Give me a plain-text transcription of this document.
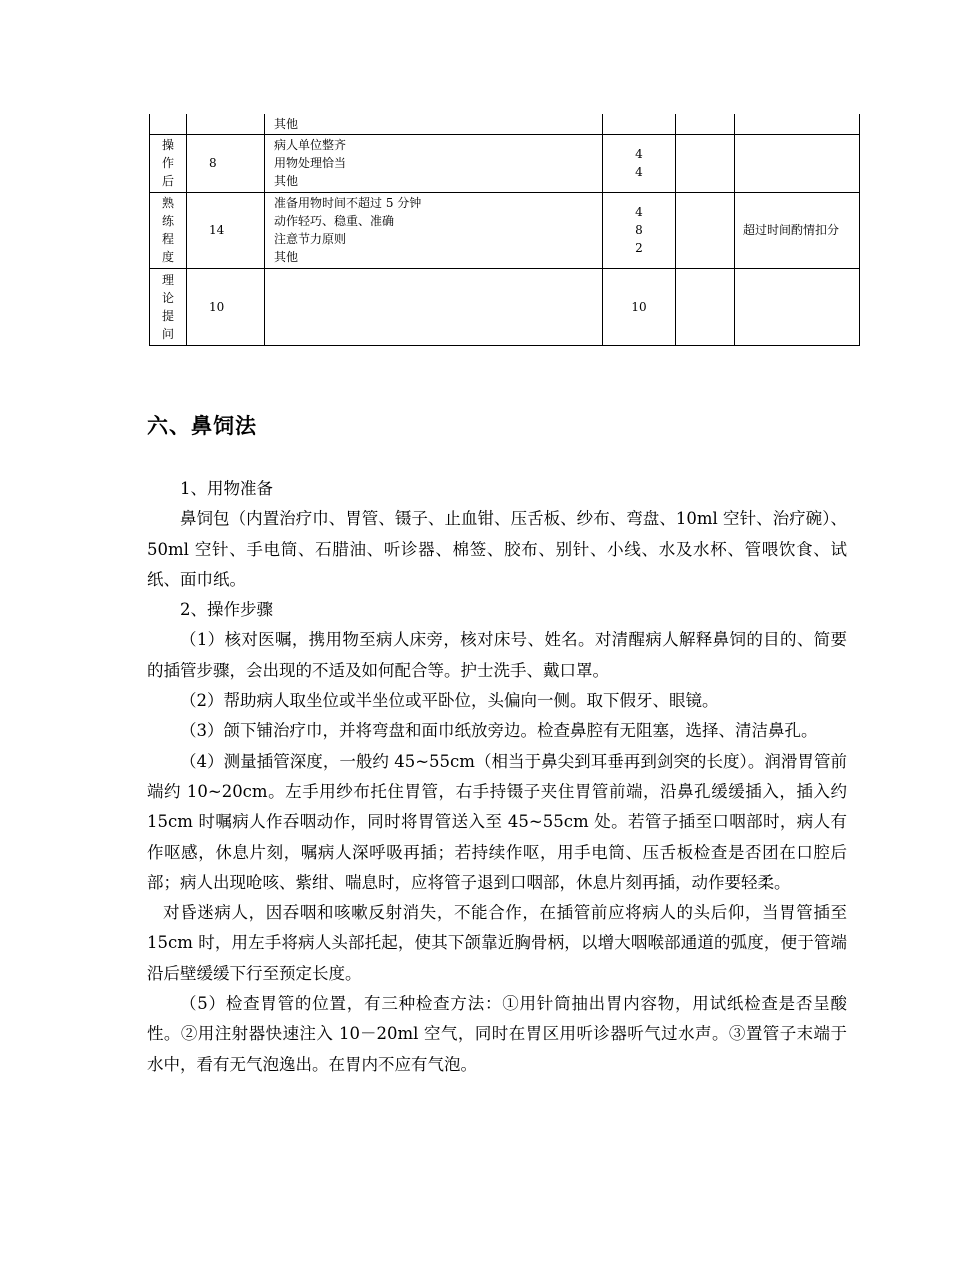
		其他			

操
作
后	8	病人单位整齐
用物处理恰当
其他	4
4		

熟
练
程
度	14	准备用物时间不超过 5 分钟
动作轻巧、稳重、准确
注意节力原则
其他	4
8
2		超过时间酌情扣分

理
论
提
问	10		10		

六、鼻饲法

1、用物准备

鼻饲包（内置治疗巾、胃管、镊子、止血钳、压舌板、纱布、弯盘、10ml 空针、治疗碗）、50ml 空针、手电筒、石腊油、听诊器、棉签、胶布、别针、小线、水及水杯、管喂饮食、试纸、面巾纸。

2、操作步骤

（1）核对医嘱，携用物至病人床旁，核对床号、姓名。对清醒病人解释鼻饲的目的、简要的插管步骤，会出现的不适及如何配合等。护士洗手、戴口罩。

（2）帮助病人取坐位或半坐位或平卧位，头偏向一侧。取下假牙、眼镜。

（3）颌下铺治疗巾，并将弯盘和面巾纸放旁边。检查鼻腔有无阻塞，选择、清洁鼻孔。

（4）测量插管深度，一般约 45~55cm（相当于鼻尖到耳垂再到剑突的长度）。润滑胃管前端约 10~20cm。左手用纱布托住胃管，右手持镊子夹住胃管前端，沿鼻孔缓缓插入，插入约 15cm 时嘱病人作吞咽动作，同时将胃管送入至 45~55cm 处。若管子插至口咽部时，病人有作呕感，休息片刻，嘱病人深呼吸再插；若持续作呕，用手电筒、压舌板检查是否团在口腔后部；病人出现呛咳、紫绀、喘息时，应将管子退到口咽部，休息片刻再插，动作要轻柔。

对昏迷病人，因吞咽和咳嗽反射消失，不能合作，在插管前应将病人的头后仰，当胃管插至 15cm 时，用左手将病人头部托起，使其下颌靠近胸骨柄，以增大咽喉部通道的弧度，便于管端沿后壁缓缓下行至预定长度。

（5）检查胃管的位置，有三种检查方法：①用针筒抽出胃内容物，用试纸检查是否呈酸性。②用注射器快速注入 10－20ml 空气，同时在胃区用听诊器听气过水声。③置管子末端于水中，看有无气泡逸出。在胃内不应有气泡。
